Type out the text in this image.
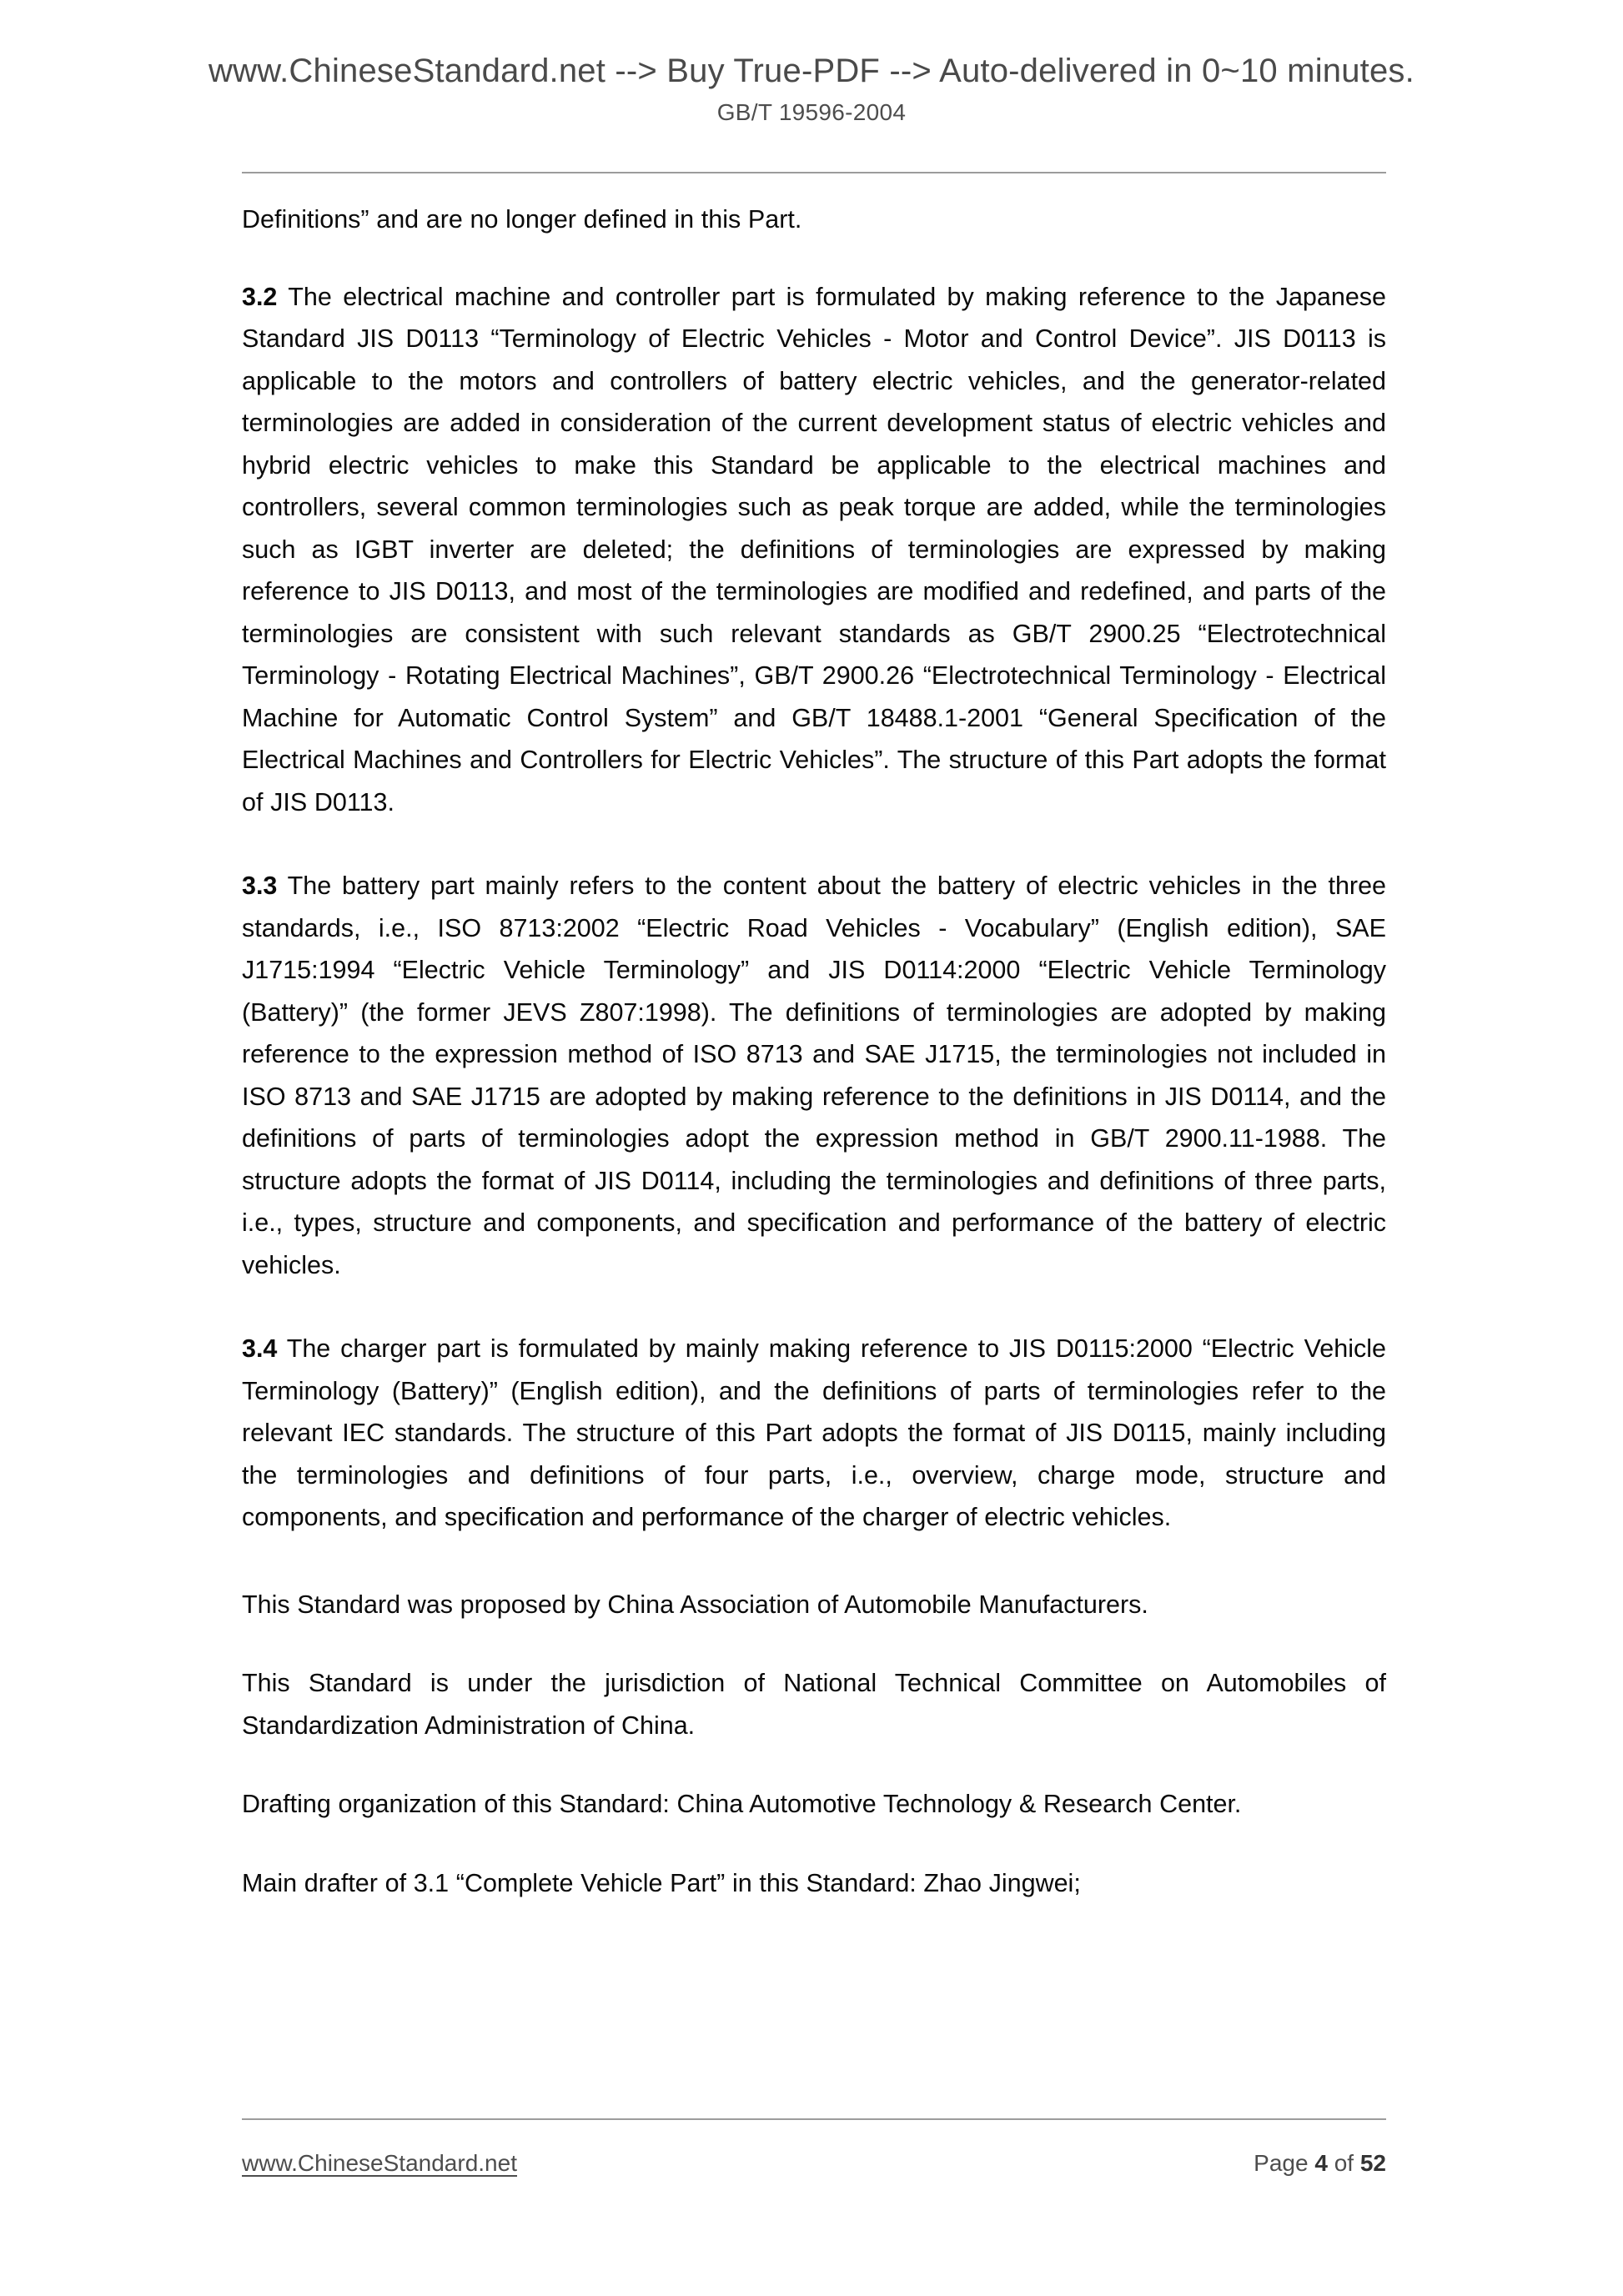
www.ChineseStandard.net --> Buy True-PDF --> Auto-delivered in 0~10 minutes.
GB/T 19596-2004

Definitions” and are no longer defined in this Part.

3.2 The electrical machine and controller part is formulated by making reference to the Japanese Standard JIS D0113 “Terminology of Electric Vehicles - Motor and Control Device”. JIS D0113 is applicable to the motors and controllers of battery electric vehicles, and the generator-related terminologies are added in consideration of the current development status of electric vehicles and hybrid electric vehicles to make this Standard be applicable to the electrical machines and controllers, several common terminologies such as peak torque are added, while the terminologies such as IGBT inverter are deleted; the definitions of terminologies are expressed by making reference to JIS D0113, and most of the terminologies are modified and redefined, and parts of the terminologies are consistent with such relevant standards as GB/T 2900.25 “Electrotechnical Terminology - Rotating Electrical Machines”, GB/T 2900.26 “Electrotechnical Terminology - Electrical Machine for Automatic Control System” and GB/T 18488.1-2001 “General Specification of the Electrical Machines and Controllers for Electric Vehicles”. The structure of this Part adopts the format of JIS D0113.

3.3 The battery part mainly refers to the content about the battery of electric vehicles in the three standards, i.e., ISO 8713:2002 “Electric Road Vehicles - Vocabulary” (English edition), SAE J1715:1994 “Electric Vehicle Terminology” and JIS D0114:2000 “Electric Vehicle Terminology (Battery)” (the former JEVS Z807:1998). The definitions of terminologies are adopted by making reference to the expression method of ISO 8713 and SAE J1715, the terminologies not included in ISO 8713 and SAE J1715 are adopted by making reference to the definitions in JIS D0114, and the definitions of parts of terminologies adopt the expression method in GB/T 2900.11-1988. The structure adopts the format of JIS D0114, including the terminologies and definitions of three parts, i.e., types, structure and components, and specification and performance of the battery of electric vehicles.

3.4 The charger part is formulated by mainly making reference to JIS D0115:2000 “Electric Vehicle Terminology (Battery)” (English edition), and the definitions of parts of terminologies refer to the relevant IEC standards. The structure of this Part adopts the format of JIS D0115, mainly including the terminologies and definitions of four parts, i.e., overview, charge mode, structure and components, and specification and performance of the charger of electric vehicles.

This Standard was proposed by China Association of Automobile Manufacturers.

This Standard is under the jurisdiction of National Technical Committee on Automobiles of Standardization Administration of China.

Drafting organization of this Standard: China Automotive Technology & Research Center.

Main drafter of 3.1 “Complete Vehicle Part” in this Standard: Zhao Jingwei;

www.ChineseStandard.net	Page 4 of 52
